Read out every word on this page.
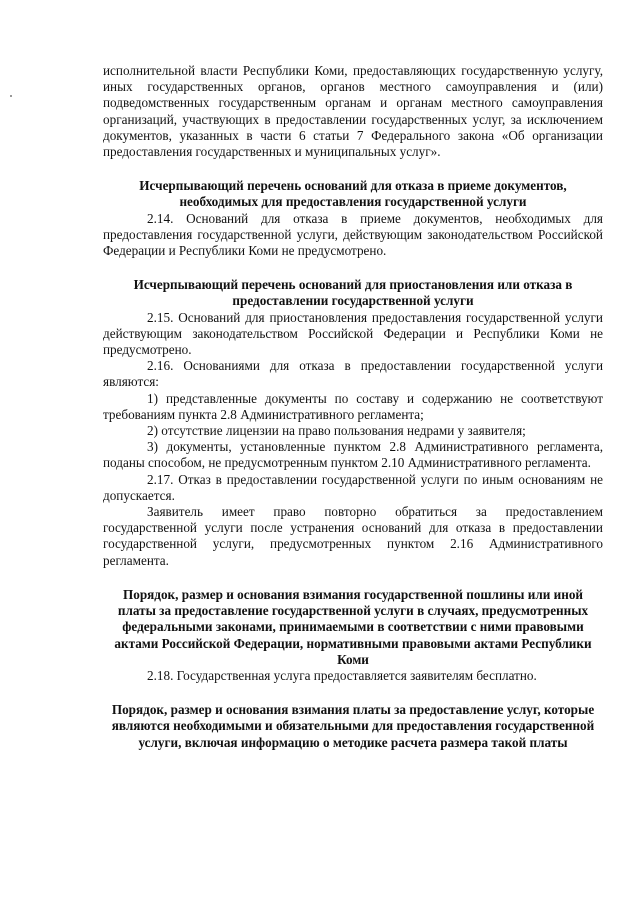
исполнительной власти Республики Коми, предоставляющих государственную услугу, иных государственных органов, органов местного самоуправления и (или) подведомственных государственным органам и органам местного самоуправления организаций, участвующих в предоставлении государственных услуг, за исключением документов, указанных в части 6 статьи 7 Федерального закона «Об организации предоставления государственных и муниципальных услуг».

Исчерпывающий перечень оснований для отказа в приеме документов, необходимых для предоставления государственной услуги

2.14. Оснований для отказа в приеме документов, необходимых для предоставления государственной услуги, действующим законодательством Российской Федерации и Республики Коми не предусмотрено.

Исчерпывающий перечень оснований для приостановления или отказа в предоставлении государственной услуги

2.15. Оснований для приостановления предоставления государственной услуги действующим законодательством Российской Федерации и Республики Коми не предусмотрено.

2.16. Основаниями для отказа в предоставлении государственной услуги являются:

1) представленные документы по составу и содержанию не соответствуют требованиям пункта 2.8 Административного регламента;

2) отсутствие лицензии на право пользования недрами у заявителя;

3) документы, установленные пунктом 2.8 Административного регламента, поданы способом, не предусмотренным пунктом 2.10 Административного регламента.

2.17. Отказ в предоставлении государственной услуги по иным основаниям не допускается.

Заявитель имеет право повторно обратиться за предоставлением государственной услуги после устранения оснований для отказа в предоставлении государственной услуги, предусмотренных пунктом 2.16 Административного регламента.

Порядок, размер и основания взимания государственной пошлины или иной платы за предоставление государственной услуги в случаях, предусмотренных федеральными законами, принимаемыми в соответствии с ними правовыми актами Российской Федерации, нормативными правовыми актами Республики Коми

2.18. Государственная услуга предоставляется заявителям бесплатно.

Порядок, размер и основания взимания платы за предоставление услуг, которые являются необходимыми и обязательными для предоставления государственной услуги, включая информацию о методике расчета размера такой платы
